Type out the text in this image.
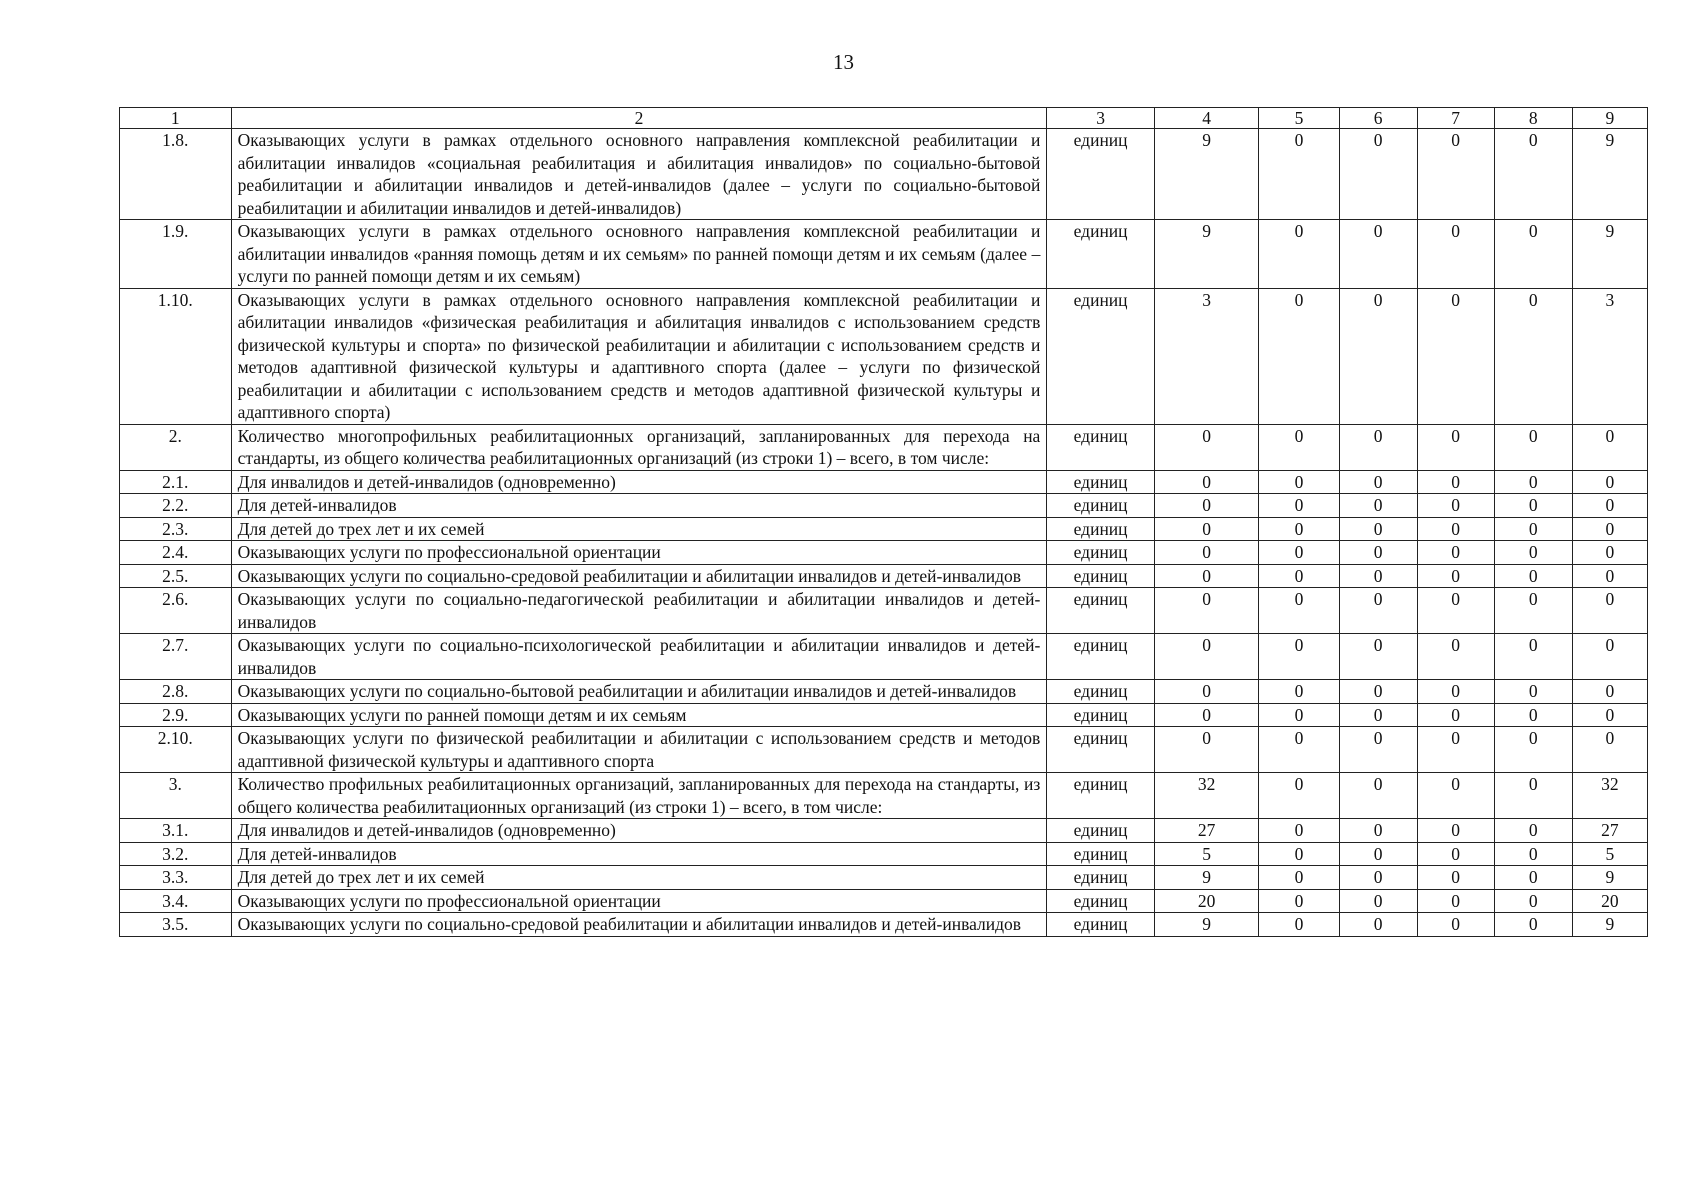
13
1	2	3	4	5	6	7	8	9
1.8.	Оказывающих услуги в рамках отдельного основного направления комплексной реабилитации и абилитации инвалидов «социальная реабилитация и абилитация инвалидов» по социально-бытовой реабилитации и абилитации инвалидов и детей-инвалидов (далее – услуги по социально-бытовой реабилитации и абилитации инвалидов и детей-инвалидов)	единиц	9	0	0	0	0	9
1.9.	Оказывающих услуги в рамках отдельного основного направления комплексной реабилитации и абилитации инвалидов «ранняя помощь детям и их семьям» по ранней помощи детям и их семьям (далее – услуги по ранней помощи детям и их семьям)	единиц	9	0	0	0	0	9
1.10.	Оказывающих услуги в рамках отдельного основного направления комплексной реабилитации и абилитации инвалидов «физическая реабилитация и абилитация инвалидов с использованием средств физической культуры и спорта» по физической реабилитации и абилитации с использованием средств и методов адаптивной физической культуры и адаптивного спорта (далее – услуги по физической реабилитации и абилитации с использованием средств и методов адаптивной физической культуры и адаптивного спорта)	единиц	3	0	0	0	0	3
2.	Количество многопрофильных реабилитационных организаций, запланированных для перехода на стандарты, из общего количества реабилитационных организаций (из строки 1) – всего, в том числе:	единиц	0	0	0	0	0	0
2.1.	Для инвалидов и детей-инвалидов (одновременно)	единиц	0	0	0	0	0	0
2.2.	Для детей-инвалидов	единиц	0	0	0	0	0	0
2.3.	Для детей до трех лет и их семей	единиц	0	0	0	0	0	0
2.4.	Оказывающих услуги по профессиональной ориентации	единиц	0	0	0	0	0	0
2.5.	Оказывающих услуги по социально-средовой реабилитации и абилитации инвалидов и детей-инвалидов	единиц	0	0	0	0	0	0
2.6.	Оказывающих услуги по социально-педагогической реабилитации и абилитации инвалидов и детей-инвалидов	единиц	0	0	0	0	0	0
2.7.	Оказывающих услуги по социально-психологической реабилитации и абилитации инвалидов и детей-инвалидов	единиц	0	0	0	0	0	0
2.8.	Оказывающих услуги по социально-бытовой реабилитации и абилитации инвалидов и детей-инвалидов	единиц	0	0	0	0	0	0
2.9.	Оказывающих услуги по ранней помощи детям и их семьям	единиц	0	0	0	0	0	0
2.10.	Оказывающих услуги по физической реабилитации и абилитации с использованием средств и методов адаптивной физической культуры и адаптивного спорта	единиц	0	0	0	0	0	0
3.	Количество профильных реабилитационных организаций, запланированных для перехода на стандарты, из общего количества реабилитационных организаций (из строки 1) – всего, в том числе:	единиц	32	0	0	0	0	32
3.1.	Для инвалидов и детей-инвалидов (одновременно)	единиц	27	0	0	0	0	27
3.2.	Для детей-инвалидов	единиц	5	0	0	0	0	5
3.3.	Для детей до трех лет и их семей	единиц	9	0	0	0	0	9
3.4.	Оказывающих услуги по профессиональной ориентации	единиц	20	0	0	0	0	20
3.5.	Оказывающих услуги по социально-средовой реабилитации и абилитации инвалидов и детей-инвалидов	единиц	9	0	0	0	0	9
